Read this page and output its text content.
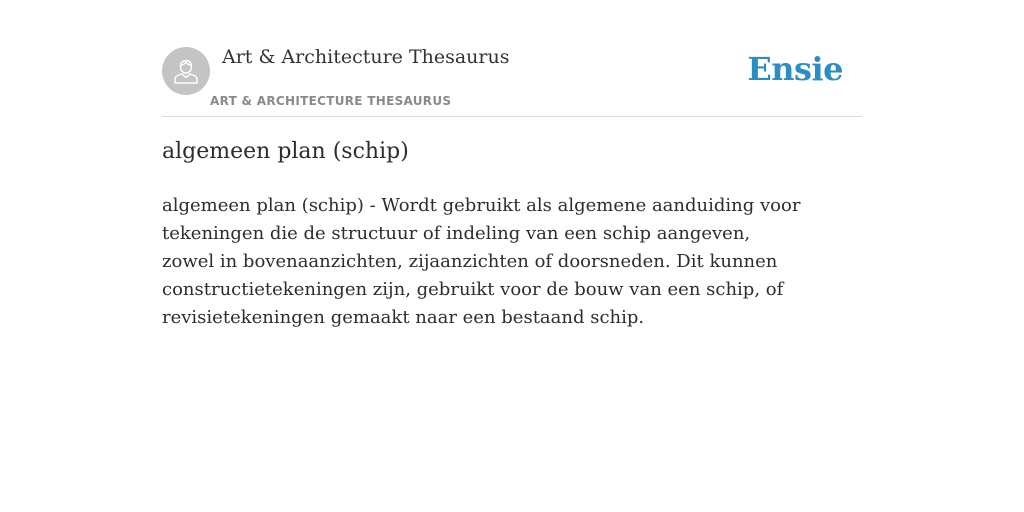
Art & Architecture Thesaurus
ART & ARCHITECTURE THESAURUS
Ensie
algemeen plan (schip)

algemeen plan (schip) - Wordt gebruikt als algemene aanduiding voor tekeningen die de structuur of indeling van een schip aangeven, zowel in bovenaanzichten, zijaanzichten of doorsneden. Dit kunnen constructietekeningen zijn, gebruikt voor de bouw van een schip, of revisietekeningen gemaakt naar een bestaand schip.
